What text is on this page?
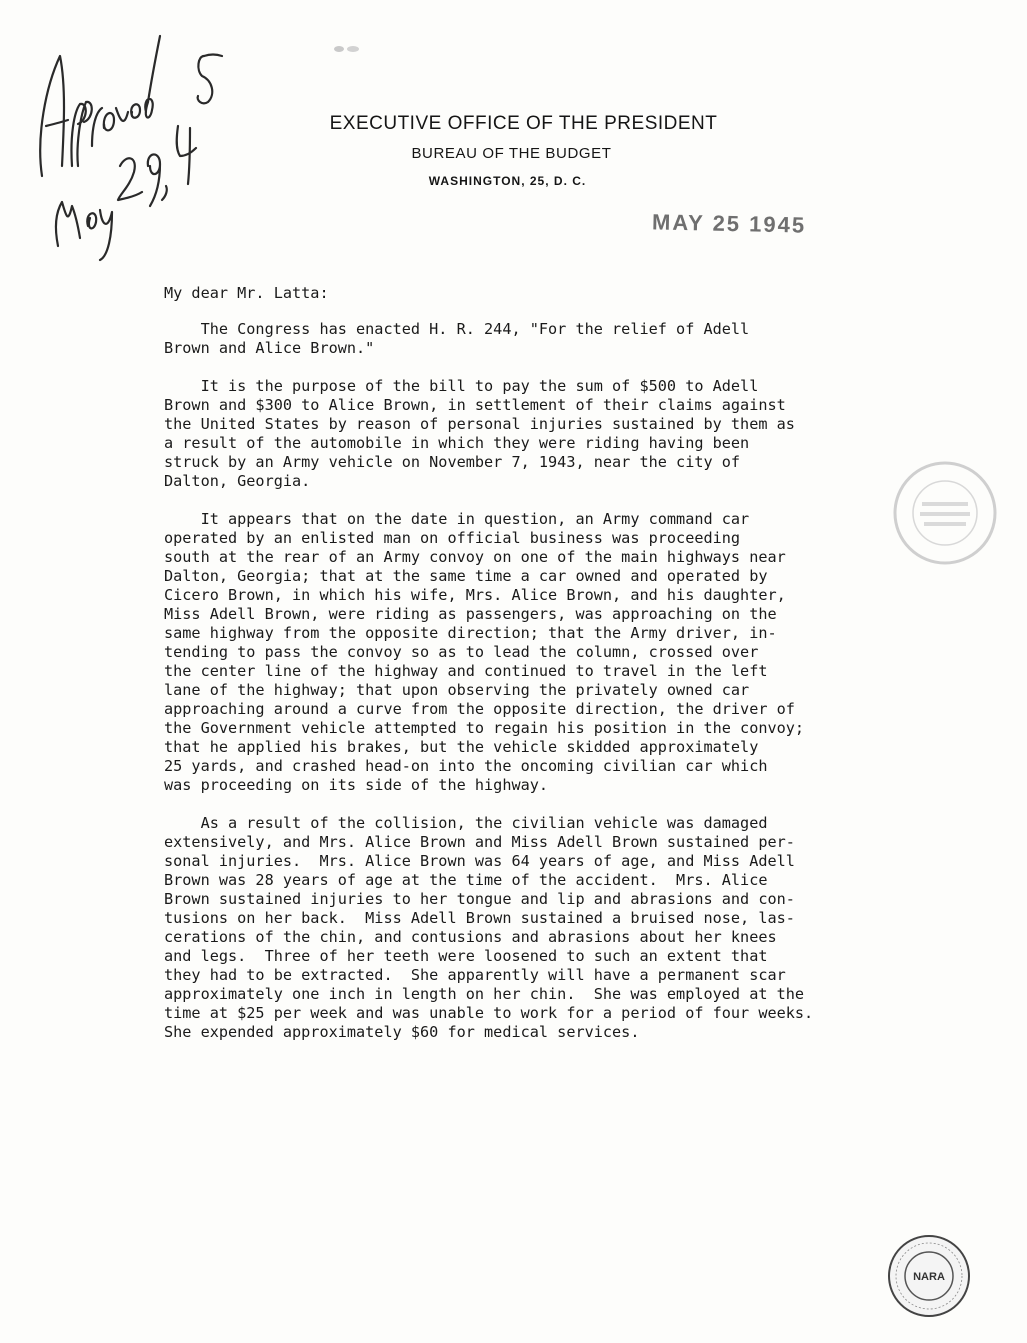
EXECUTIVE OFFICE OF THE PRESIDENT
BUREAU OF THE BUDGET
WASHINGTON, 25, D. C.
MAY 25 1945
My dear Mr. Latta:
The Congress has enacted H. R. 244, "For the relief of Adell
Brown and Alice Brown."
It is the purpose of the bill to pay the sum of $500 to Adell
Brown and $300 to Alice Brown, in settlement of their claims against
the United States by reason of personal injuries sustained by them as
a result of the automobile in which they were riding having been
struck by an Army vehicle on November 7, 1943, near the city of
Dalton, Georgia.
It appears that on the date in question, an Army command car
operated by an enlisted man on official business was proceeding
south at the rear of an Army convoy on one of the main highways near
Dalton, Georgia; that at the same time a car owned and operated by
Cicero Brown, in which his wife, Mrs. Alice Brown, and his daughter,
Miss Adell Brown, were riding as passengers, was approaching on the
same highway from the opposite direction; that the Army driver, in-
tending to pass the convoy so as to lead the column, crossed over
the center line of the highway and continued to travel in the left
lane of the highway; that upon observing the privately owned car
approaching around a curve from the opposite direction, the driver of
the Government vehicle attempted to regain his position in the convoy;
that he applied his brakes, but the vehicle skidded approximately
25 yards, and crashed head-on into the oncoming civilian car which
was proceeding on its side of the highway.
As a result of the collision, the civilian vehicle was damaged
extensively, and Mrs. Alice Brown and Miss Adell Brown sustained per-
sonal injuries.  Mrs. Alice Brown was 64 years of age, and Miss Adell
Brown was 28 years of age at the time of the accident.  Mrs. Alice
Brown sustained injuries to her tongue and lip and abrasions and con-
tusions on her back.  Miss Adell Brown sustained a bruised nose, las-
cerations of the chin, and contusions and abrasions about her knees
and legs.  Three of her teeth were loosened to such an extent that
they had to be extracted.  She apparently will have a permanent scar
approximately one inch in length on her chin.  She was employed at the
time at $25 per week and was unable to work for a period of four weeks.
She expended approximately $60 for medical services.
NARA
